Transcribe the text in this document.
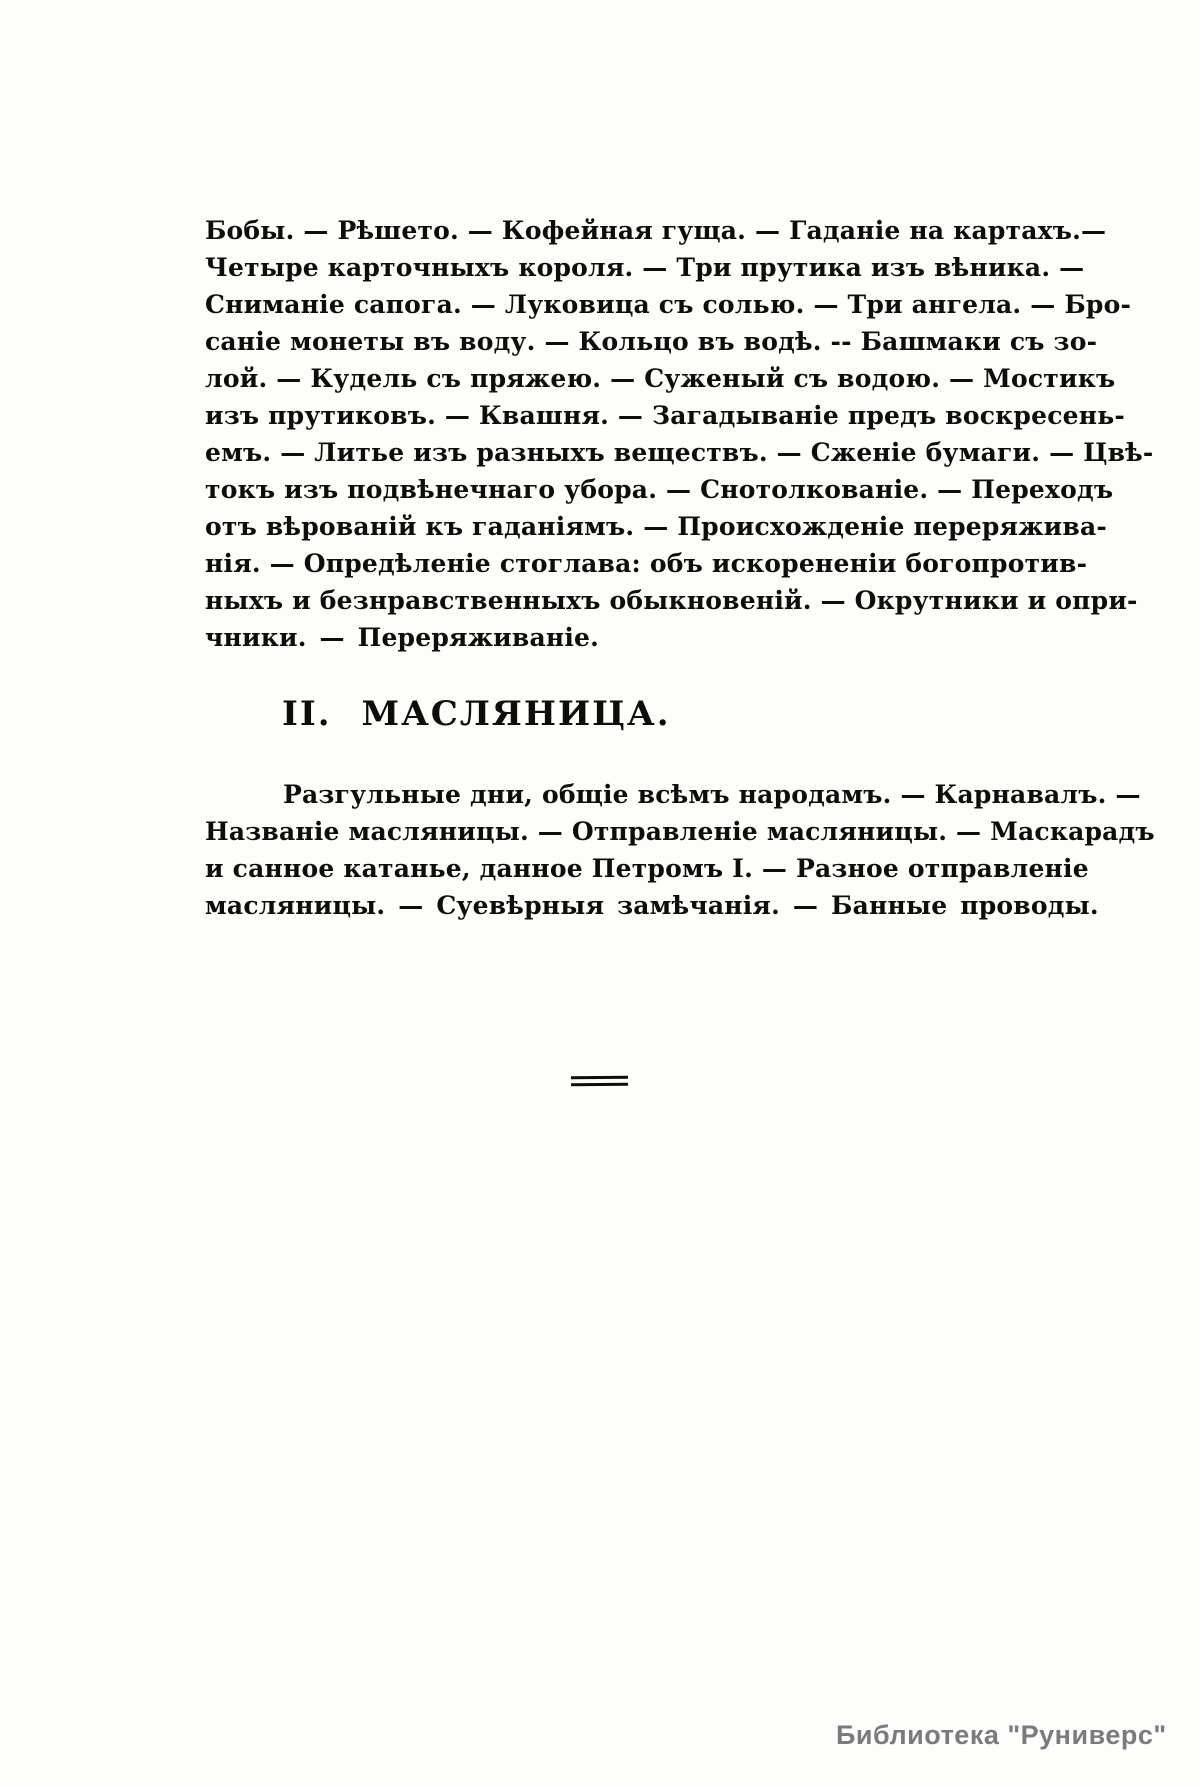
Бобы. — Рѣшето. — Кофейная гуща. — Гаданіе на картахъ.—
Четыре карточныхъ короля. — Три прутика изъ вѣника. —
Сниманіе сапога. — Луковица съ солью. — Три ангела. — Бро-
саніе монеты въ воду. — Кольцо въ водѣ. -- Башмаки съ зо-
лой. — Кудель съ пряжею. — Суженый съ водою. — Мостикъ
изъ прутиковъ. — Квашня. — Загадываніе предъ воскресень-
емъ. — Литье изъ разныхъ веществъ. — Сженіе бумаги. — Цвѣ-
токъ изъ подвѣнечнаго убора. — Снотолкованіе. — Переходъ
отъ вѣрованій къ гаданіямъ. — Происхожденіе переряжива-
нія. — Опредѣленіе стоглава: объ искорененіи богопротив-
ныхъ и безнравственныхъ обыкновеній. — Окрутники и опри-
чники. — Переряживаніе.
II. МАСЛЯНИЦА.
Разгульные дни, общіе всѣмъ народамъ. — Карнавалъ. —
Названіе масляницы. — Отправленіе масляницы. — Маскарадъ
и санное катанье, данное Петромъ I. — Разное отправленіе
масляницы. — Суевѣрныя замѣчанія. — Банные проводы.
Библиотека "Руниверс"
